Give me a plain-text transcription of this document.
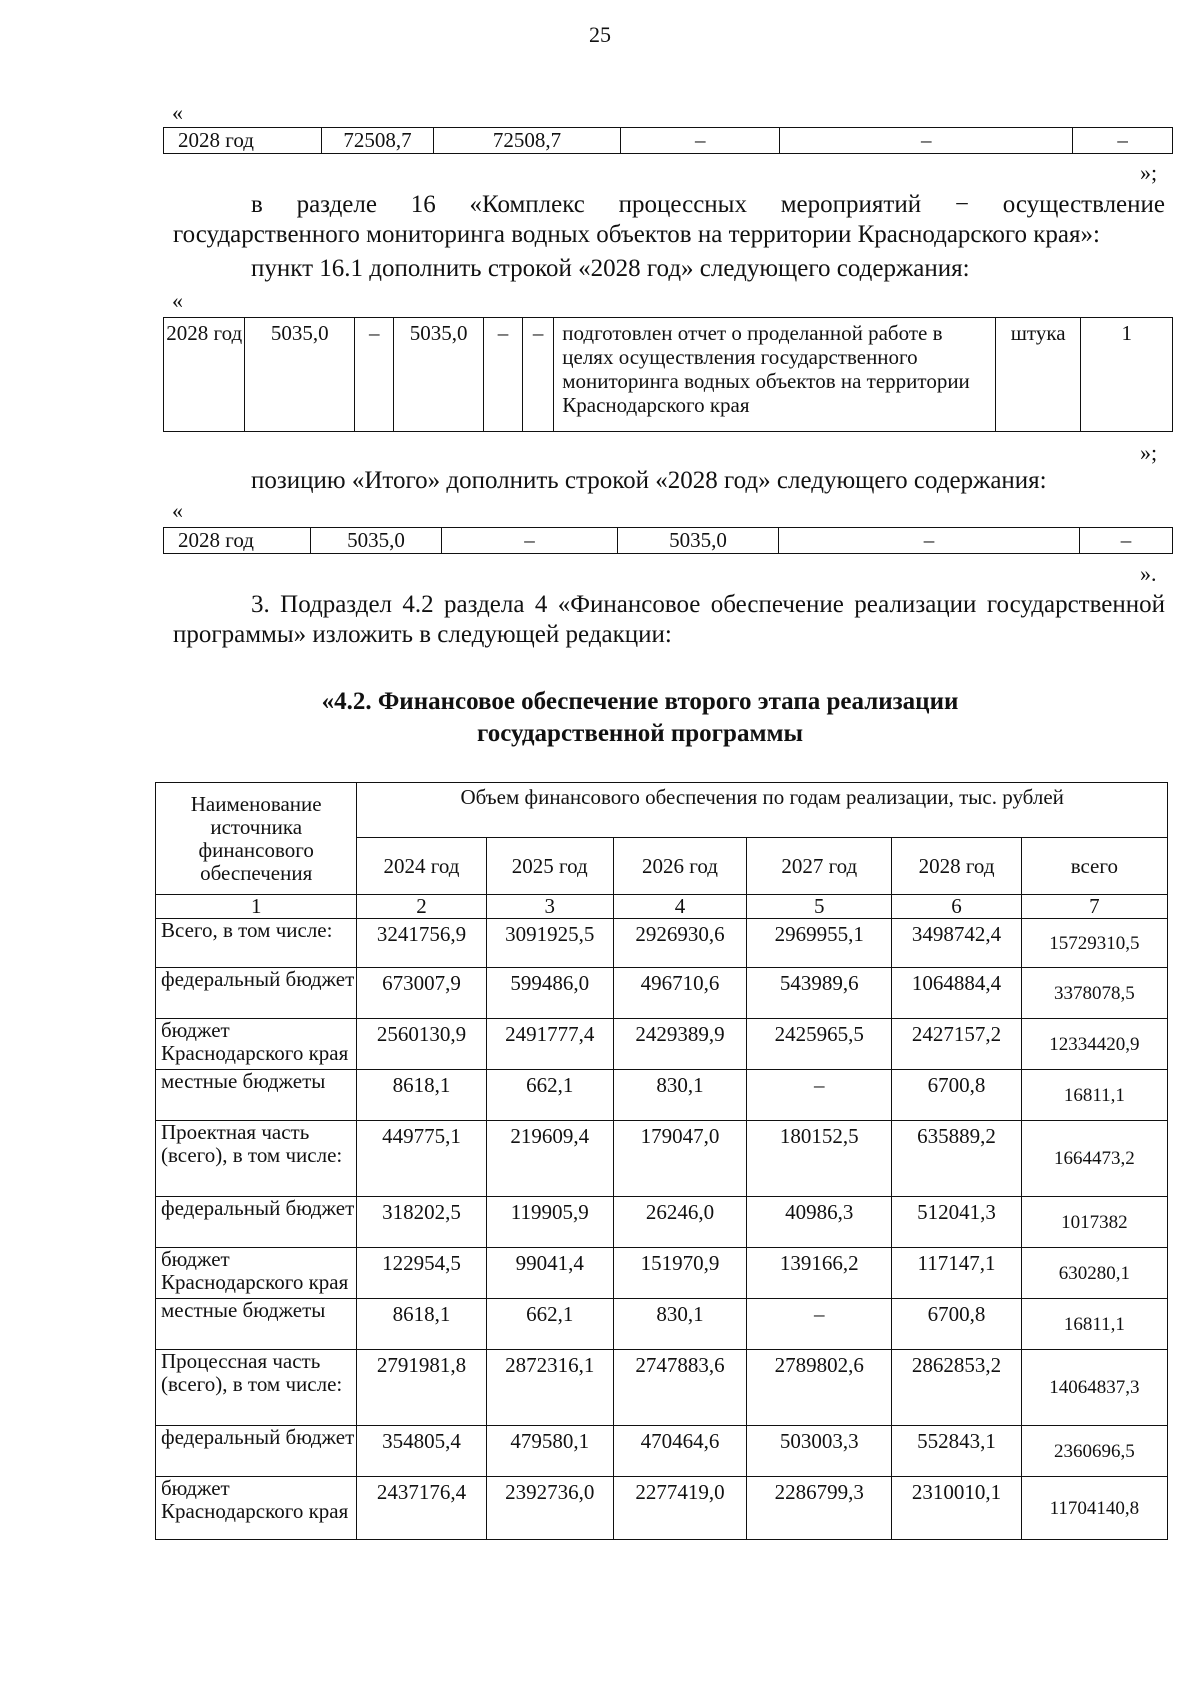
25
«
2028 год	72508,7	72508,7	–	–	–
»;
в разделе 16 «Комплекс процессных мероприятий − осуществление государственного мониторинга водных объектов на территории Краснодарского края»:
пункт 16.1 дополнить строкой «2028 год» следующего содержания:
«
2028 год	5035,0	–	5035,0	–	–	подготовлен отчет о проделанной работе в целях осуществления государственного мониторинга водных объектов на территории Краснодарского края	штука	1
»;
позицию «Итого» дополнить строкой «2028 год» следующего содержания:
«
2028 год	5035,0	–	5035,0	–	–
».
3. Подраздел 4.2 раздела 4 «Финансовое обеспечение реализации государственной программы» изложить в следующей редакции:
«4.2. Финансовое обеспечение второго этапа реализации
государственной программы
Наименование источника финансового обеспечения	Объем финансового обеспечения по годам реализации, тыс. рублей					
	2024 год	2025 год	2026 год	2027 год	2028 год	всего
1	2	3	4	5	6	7
Всего, в том числе:	3241756,9	3091925,5	2926930,6	2969955,1	3498742,4	15729310,5
федеральный бюджет	673007,9	599486,0	496710,6	543989,6	1064884,4	3378078,5
бюджет Краснодарского края	2560130,9	2491777,4	2429389,9	2425965,5	2427157,2	12334420,9
местные бюджеты	8618,1	662,1	830,1	–	6700,8	16811,1
Проектная часть (всего), в том числе:	449775,1	219609,4	179047,0	180152,5	635889,2	1664473,2
федеральный бюджет	318202,5	119905,9	26246,0	40986,3	512041,3	1017382
бюджет Краснодарского края	122954,5	99041,4	151970,9	139166,2	117147,1	630280,1
местные бюджеты	8618,1	662,1	830,1	–	6700,8	16811,1
Процессная часть (всего), в том числе:	2791981,8	2872316,1	2747883,6	2789802,6	2862853,2	14064837,3
федеральный бюджет	354805,4	479580,1	470464,6	503003,3	552843,1	2360696,5
бюджет Краснодарского края	2437176,4	2392736,0	2277419,0	2286799,3	2310010,1	11704140,8
